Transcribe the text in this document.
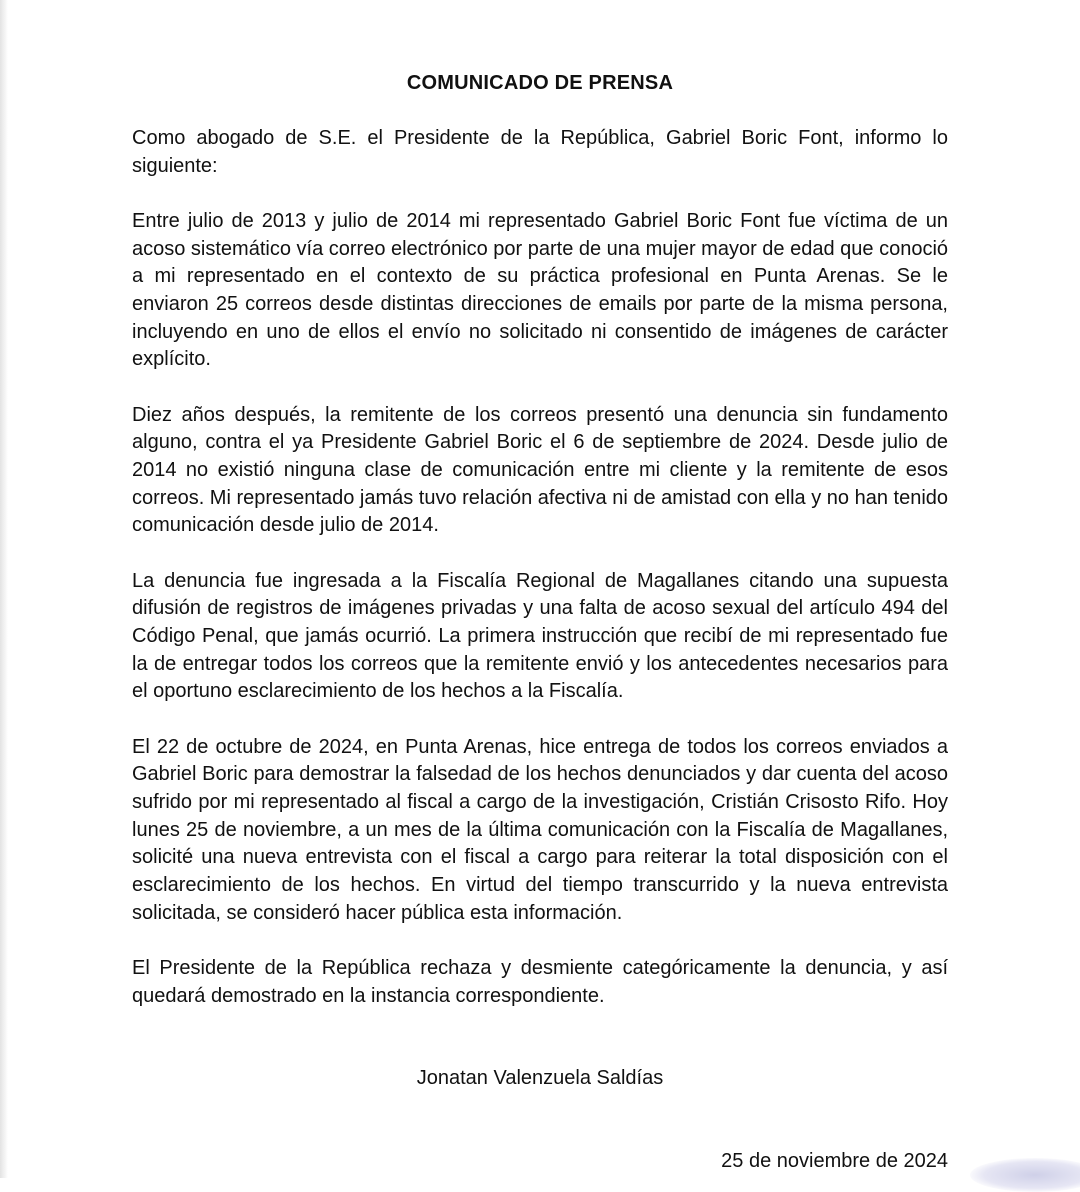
COMUNICADO DE PRENSA

Como abogado de S.E. el Presidente de la República, Gabriel Boric Font, informo lo siguiente:

Entre julio de 2013 y julio de 2014 mi representado Gabriel Boric Font fue víctima de un acoso sistemático vía correo electrónico por parte de una mujer mayor de edad que conoció a mi representado en el contexto de su práctica profesional en Punta Arenas. Se le enviaron 25 correos desde distintas direcciones de emails por parte de la misma persona, incluyendo en uno de ellos el envío no solicitado ni consentido de imágenes de carácter explícito.

Diez años después, la remitente de los correos presentó una denuncia sin fundamento alguno, contra el ya Presidente Gabriel Boric el 6 de septiembre de 2024. Desde julio de 2014 no existió ninguna clase de comunicación entre mi cliente y la remitente de esos correos. Mi representado jamás tuvo relación afectiva ni de amistad con ella y no han tenido comunicación desde julio de 2014.

La denuncia fue ingresada a la Fiscalía Regional de Magallanes citando una supuesta difusión de registros de imágenes privadas y una falta de acoso sexual del artículo 494 del Código Penal, que jamás ocurrió. La primera instrucción que recibí de mi representado fue la de entregar todos los correos que la remitente envió y los antecedentes necesarios para el oportuno esclarecimiento de los hechos a la Fiscalía.

El 22 de octubre de 2024, en Punta Arenas, hice entrega de todos los correos enviados a Gabriel Boric para demostrar la falsedad de los hechos denunciados y dar cuenta del acoso sufrido por mi representado al fiscal a cargo de la investigación, Cristián Crisosto Rifo. Hoy lunes 25 de noviembre, a un mes de la última comunicación con la Fiscalía de Magallanes, solicité una nueva entrevista con el fiscal a cargo para reiterar la total disposición con el esclarecimiento de los hechos. En virtud del tiempo transcurrido y la nueva entrevista solicitada, se consideró hacer pública esta información.

El Presidente de la República rechaza y desmiente categóricamente la denuncia, y así quedará demostrado en la instancia correspondiente.

Jonatan Valenzuela Saldías
25 de noviembre de 2024
